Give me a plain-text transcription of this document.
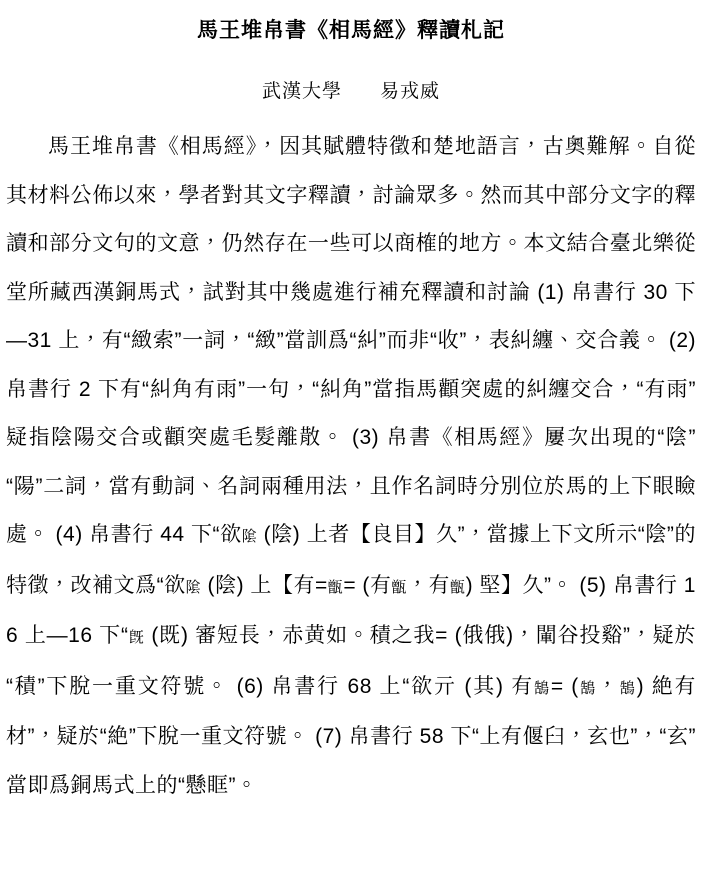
馬王堆帛書《相馬經》釋讀札記
武漢大學 易戎威

馬王堆帛書《相馬經》，因其賦體特徵和楚地語言，古奧難解。自從其材料公佈以來，學者對其文字釋讀，討論眾多。然而其中部分文字的釋讀和部分文句的文意，仍然存在一些可以商榷的地方。本文結合臺北樂從堂所藏西漢銅馬式，試對其中幾處進行補充釋讀和討論 (1) 帛書行 30 下—31 上，有“緻索”一詞，“緻”當訓爲“糾”而非“收”，表糾纏、交合義。 (2) 帛書行 2 下有“糾角有雨”一句，“糾角”當指馬顴突處的糾纏交合，“有雨”疑指陰陽交合或顴突處毛髮離散。 (3) 帛書《相馬經》屢次出現的“陰”“陽”二詞，當有動詞、名詞兩種用法，且作名詞時分別位於馬的上下眼瞼處。 (4) 帛書行 44 下“欲隂 (陰) 上者【良目】久”，當據上下文所示“陰”的特徵，改補文爲“欲隂 (陰) 上【有=甑= (有甑，有甑) 堅】久”。 (5) 帛書行 16 上—16 下“旣 (既) 審短長，赤黄如。積之我= (俄俄)，閳谷投谿”，疑於“積”下脫一重文符號。 (6) 帛書行 68 上“欲亓 (其) 有鵠= (鵠，鵠) 絶有材”，疑於“絶”下脫一重文符號。 (7) 帛書行 58 下“上有偃臼，玄也”，“玄”當即爲銅馬式上的“懸眶”。
